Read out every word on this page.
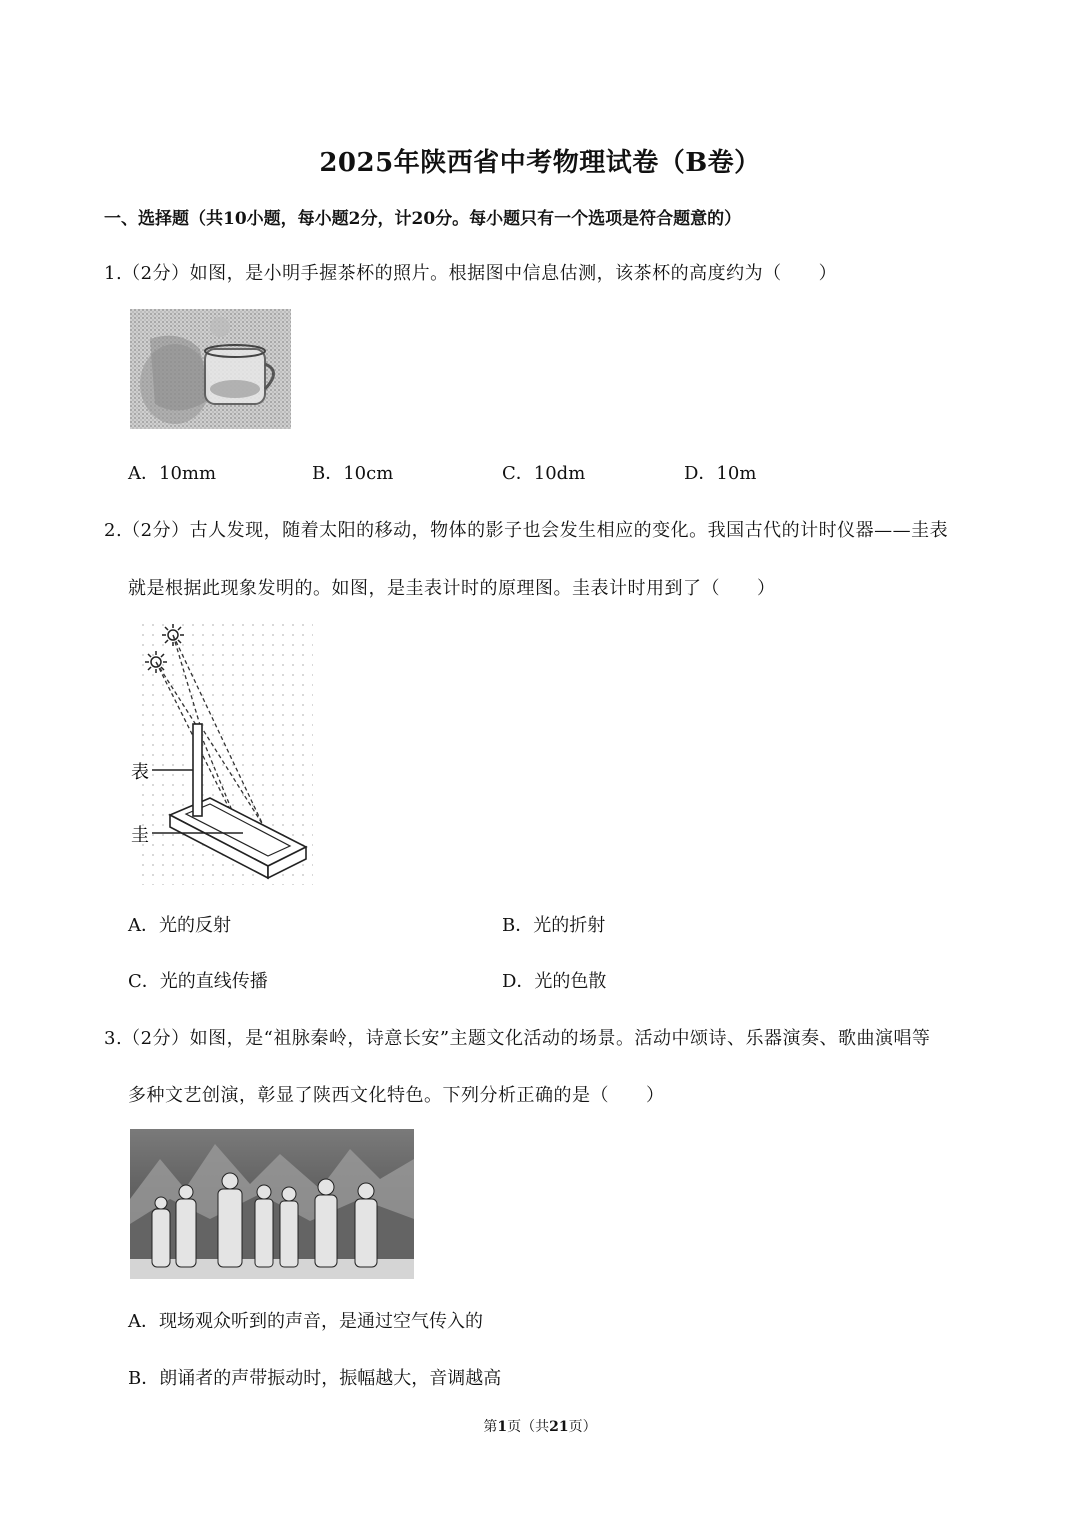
2025年陕西省中考物理试卷（B卷）
一、选择题（共10小题，每小题2分，计20分。每小题只有一个选项是符合题意的）
1.（2分）如图，是小明手握茶杯的照片。根据图中信息估测，该茶杯的高度约为（　　）
A．10mm	B．10cm	C．10dm	D．10m
2.（2分）古人发现，随着太阳的移动，物体的影子也会发生相应的变化。我国古代的计时仪器——圭表
就是根据此现象发明的。如图，是圭表计时的原理图。圭表计时用到了（　　）
表
圭
A．光的反射	B．光的折射
C．光的直线传播	D．光的色散
3.（2分）如图，是“祖脉秦岭，诗意长安”主题文化活动的场景。活动中颂诗、乐器演奏、歌曲演唱等
多种文艺创演，彰显了陕西文化特色。下列分析正确的是（　　）
A．现场观众听到的声音，是通过空气传入的
B．朗诵者的声带振动时，振幅越大，音调越高
第1页（共21页）
